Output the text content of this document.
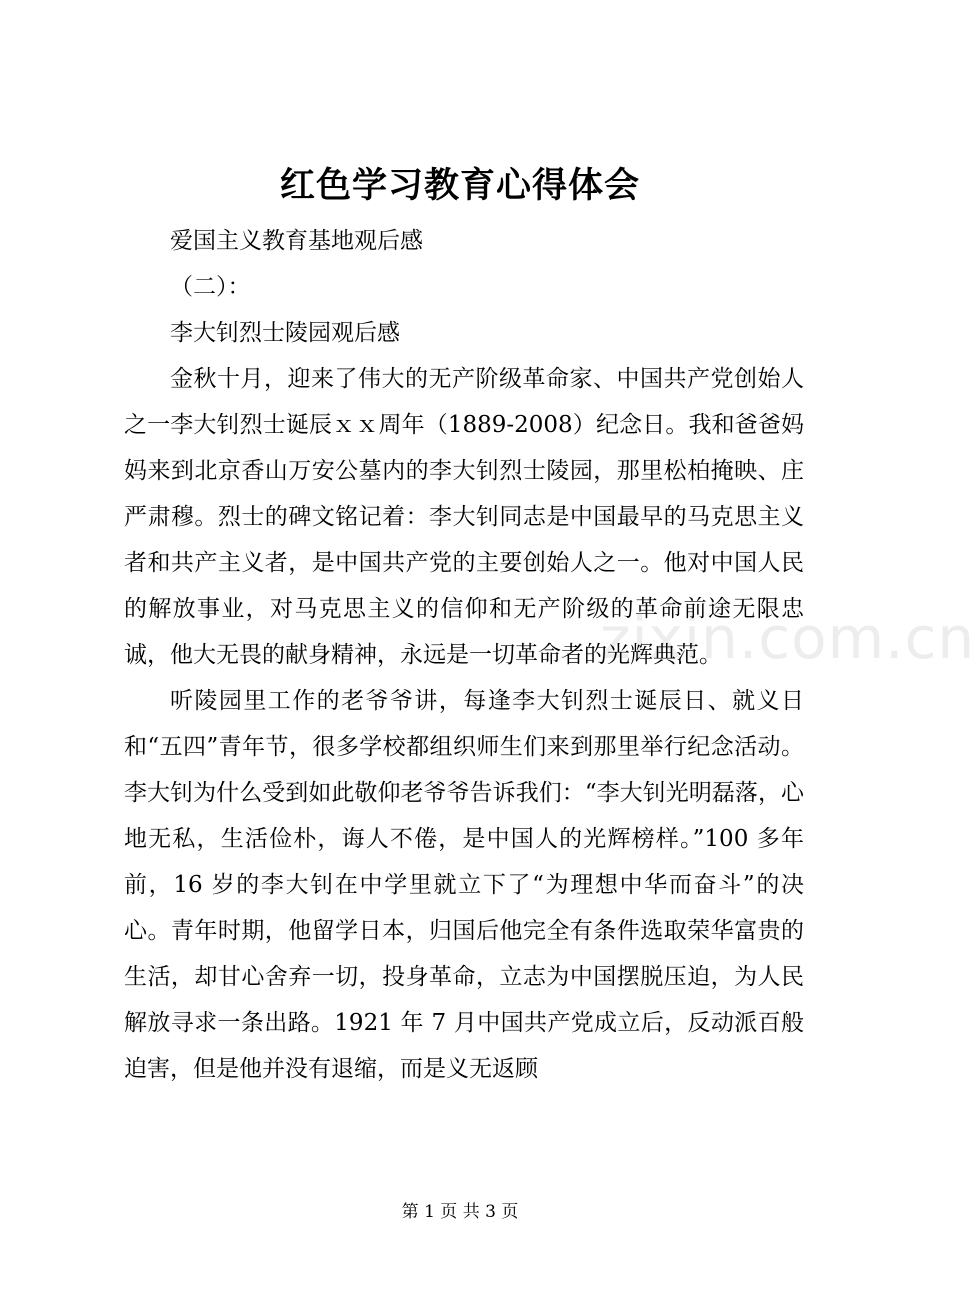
zixin.com.cn
红色学习教育心得体会

爱国主义教育基地观后感

（二）：

李大钊烈士陵园观后感

金秋十月，迎来了伟大的无产阶级革命家、中国共产党创始人之一李大钊烈士诞辰ｘｘ周年（1889-2008）纪念日。我和爸爸妈妈来到北京香山万安公墓内的李大钊烈士陵园，那里松柏掩映、庄严肃穆。烈士的碑文铭记着：李大钊同志是中国最早的马克思主义者和共产主义者，是中国共产党的主要创始人之一。他对中国人民的解放事业，对马克思主义的信仰和无产阶级的革命前途无限忠诚，他大无畏的献身精神，永远是一切革命者的光辉典范。

听陵园里工作的老爷爷讲，每逢李大钊烈士诞辰日、就义日和“五四”青年节，很多学校都组织师生们来到那里举行纪念活动。李大钊为什么受到如此敬仰老爷爷告诉我们：“李大钊光明磊落，心地无私，生活俭朴，诲人不倦，是中国人的光辉榜样。”100 多年前，16 岁的李大钊在中学里就立下了“为理想中华而奋斗”的决心。青年时期，他留学日本，归国后他完全有条件选取荣华富贵的生活，却甘心舍弃一切，投身革命，立志为中国摆脱压迫，为人民解放寻求一条出路。1921 年 7 月中国共产党成立后，反动派百般迫害，但是他并没有退缩，而是义无返顾

第 1 页 共 3 页
